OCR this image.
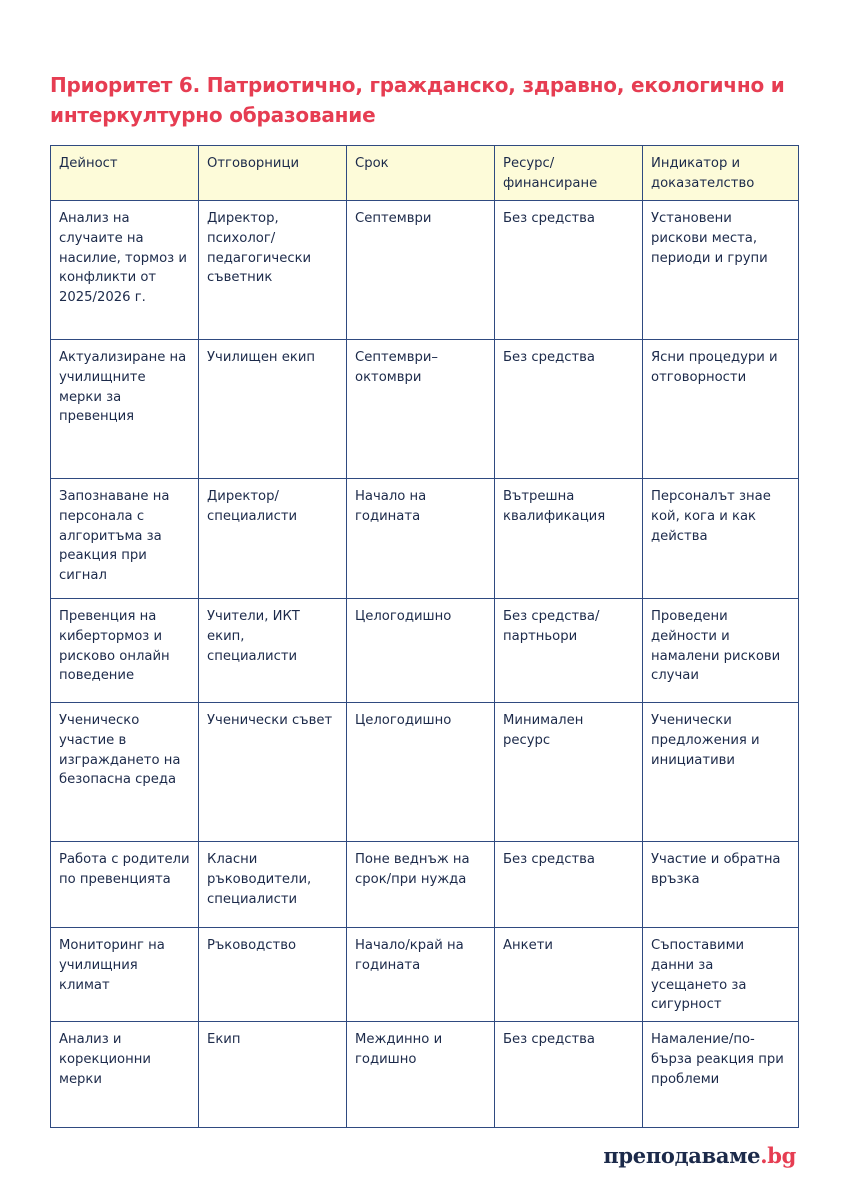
Приоритет 6. Патриотично, гражданско, здравно, екологично и интеркултурно образование
Дейност	Отговорници	Срок	Ресурс/ финансиране	Индикатор и доказателство
Анализ на случаите на насилие, тормоз и конфликти от 2025/2026 г.	Директор, психолог/ педагогически съветник	Септември	Без средства	Установени рискови места, периоди и групи
Актуализиране на училищните мерки за превенция	Училищен екип	Септември–октомври	Без средства	Ясни процедури и отговорности
Запознаване на персонала с алгоритъма за реакция при сигнал	Директор/ специалисти	Начало на годината	Вътрешна квалификация	Персоналът знае кой, кога и как действа
Превенция на кибертормоз и рисково онлайн поведение	Учители, ИКТ екип, специалисти	Целогодишно	Без средства/ партньори	Проведени дейности и намалени рискови случаи
Ученическо участие в изграждането на безопасна среда	Ученически съвет	Целогодишно	Минимален ресурс	Ученически предложения и инициативи
Работа с родители по превенцията	Класни ръководители, специалисти	Поне веднъж на срок/при нужда	Без средства	Участие и обратна връзка
Мониторинг на училищния климат	Ръководство	Начало/край на годината	Анкети	Съпоставими данни за усещането за сигурност
Анализ и корекционни мерки	Екип	Междинно и годишно	Без средства	Намаление/по-бърза реакция при проблеми
преподаваме.bg
